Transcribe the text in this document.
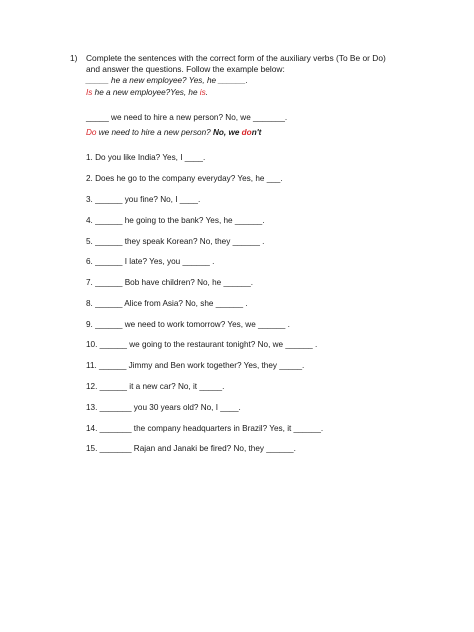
1) Complete the sentences with the correct form of the auxiliary verbs (To Be or Do)
and answer the questions. Follow the example below:
_____ he a new employee? Yes, he ______.
Is he a new employee?Yes, he is.
_____ we need to hire a new person? No, we _______.
Do we need to hire a new person? No, we don't
1. Do you like India? Yes, I ____.
2. Does he go to the company everyday? Yes, he ___.
3. ______ you fine? No, I ____.
4. ______ he going to the bank? Yes, he ______.
5. ______ they speak Korean? No, they ______ .
6. ______ I late? Yes, you ______ .
7. ______ Bob have children? No, he ______.
8. ______ Alice from Asia? No, she ______ .
9. ______ we need to work tomorrow? Yes, we ______ .
10. ______ we going to the restaurant tonight? No, we ______ .
11. ______ Jimmy and Ben work together? Yes, they _____.
12. ______ it a new car? No, it _____.
13. _______ you 30 years old? No, I ____.
14. _______ the company headquarters in Brazil? Yes, it ______.
15. _______ Rajan and Janaki be fired? No, they ______.
